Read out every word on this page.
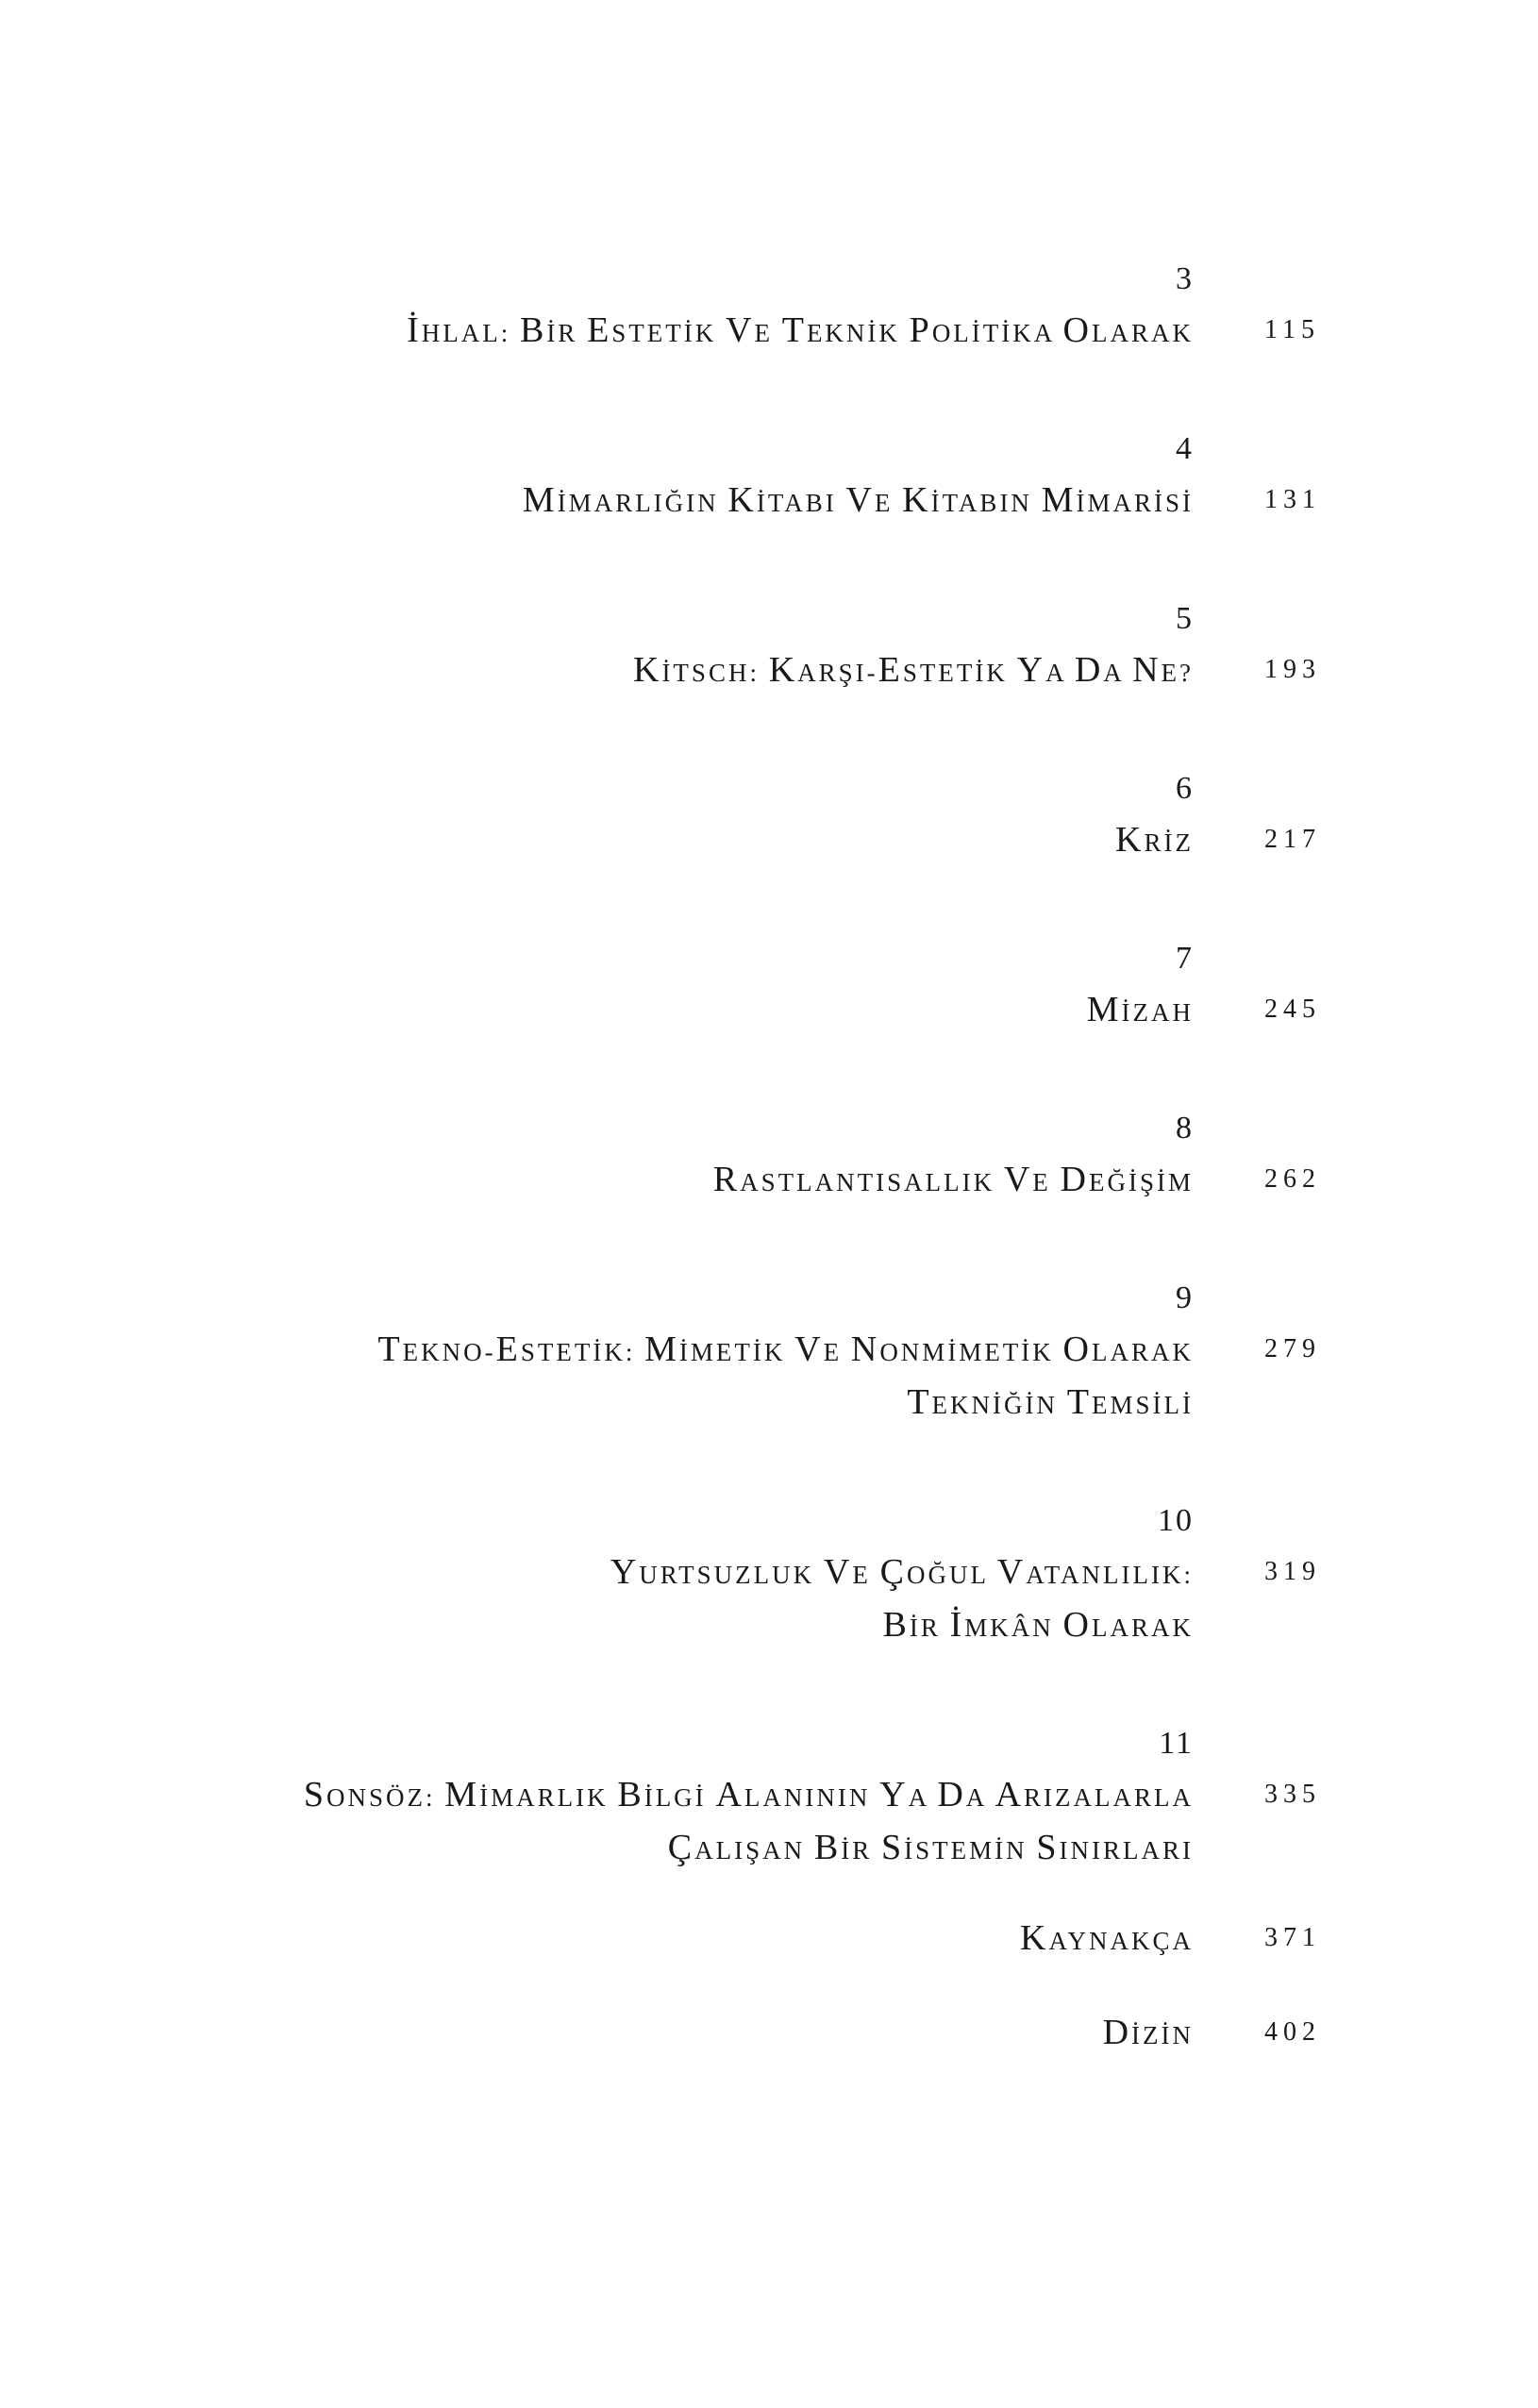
3
İHLAL: BİR ESTETİK VE TEKNİK POLİTİKA OLARAK	115
4
MİMARLIĞIN KİTABI VE KİTABIN MİMARİSİ	131
5
KİTSCH: KARŞI-ESTETİK YA DA NE?	193
6
KRİZ	217
7
MİZAH	245
8
RASTLANTISALLIK VE DEĞİŞİM	262
9
TEKNO-ESTETİK: MİMETİK VE NONMİMETİK OLARAK	279
TEKNİĞİN TEMSİLİ
10
YURTSUZLUK VE ÇOĞUL VATANLILIK:	319
BİR İMKÂN OLARAK
11
SONSÖZ: MİMARLIK BİLGİ ALANININ YA DA ARIZALARLA	335
ÇALIŞAN BİR SİSTEMİN SINIRLARI
KAYNAKÇA	371
DİZİN	402
